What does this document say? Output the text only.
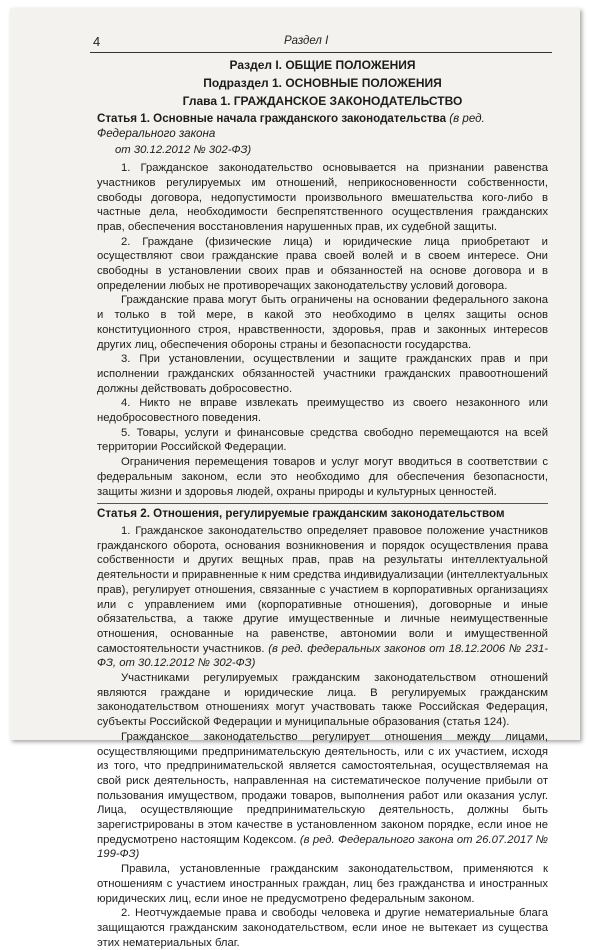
4	Раздел I
Раздел I. ОБЩИЕ ПОЛОЖЕНИЯ
Подраздел 1. ОСНОВНЫЕ ПОЛОЖЕНИЯ
Глава 1. ГРАЖДАНСКОЕ ЗАКОНОДАТЕЛЬСТВО
Статья 1. Основные начала гражданского законодательства (в ред. Федерального закона
от 30.12.2012 № 302-ФЗ)

1. Гражданское законодательство основывается на признании равенства участников регулируемых им отношений, неприкосновенности собственности, свободы договора, недопустимости произвольного вмешательства кого-либо в частные дела, необходимости беспрепятственного осуществления гражданских прав, обеспечения восстановления нарушенных прав, их судебной защиты.

2. Граждане (физические лица) и юридические лица приобретают и осуществляют свои гражданские права своей волей и в своем интересе. Они свободны в установлении своих прав и обязанностей на основе договора и в определении любых не противоречащих законодательству условий договора.

Гражданские права могут быть ограничены на основании федерального закона и только в той мере, в какой это необходимо в целях защиты основ конституционного строя, нравственности, здоровья, прав и законных интересов других лиц, обеспечения обороны страны и безопасности государства.

3. При установлении, осуществлении и защите гражданских прав и при исполнении гражданских обязанностей участники гражданских правоотношений должны действовать добросовестно.

4. Никто не вправе извлекать преимущество из своего незаконного или недобросовестного поведения.

5. Товары, услуги и финансовые средства свободно перемещаются на всей территории Российской Федерации.

Ограничения перемещения товаров и услуг могут вводиться в соответствии с федеральным законом, если это необходимо для обеспечения безопасности, защиты жизни и здоровья людей, охраны природы и культурных ценностей.

Статья 2. Отношения, регулируемые гражданским законодательством

1. Гражданское законодательство определяет правовое положение участников гражданского оборота, основания возникновения и порядок осуществления права собственности и других вещных прав, прав на результаты интеллектуальной деятельности и приравненные к ним средства индивидуализации (интеллектуальных прав), регулирует отношения, связанные с участием в корпоративных организациях или с управлением ими (корпоративные отношения), договорные и иные обязательства, а также другие имущественные и личные неимущественные отношения, основанные на равенстве, автономии воли и имущественной самостоятельности участников. (в ред. федеральных законов от 18.12.2006 № 231-ФЗ, от 30.12.2012 № 302-ФЗ)

Участниками регулируемых гражданским законодательством отношений являются граждане и юридические лица. В регулируемых гражданским законодательством отношениях могут участвовать также Российская Федерация, субъекты Российской Федерации и муниципальные образования (статья 124).

Гражданское законодательство регулирует отношения между лицами, осуществляющими предпринимательскую деятельность, или с их участием, исходя из того, что предпринимательской является самостоятельная, осуществляемая на свой риск деятельность, направленная на систематическое получение прибыли от пользования имуществом, продажи товаров, выполнения работ или оказания услуг. Лица, осуществляющие предпринимательскую деятельность, должны быть зарегистрированы в этом качестве в установленном законом порядке, если иное не предусмотрено настоящим Кодексом. (в ред. Федерального закона от 26.07.2017 № 199-ФЗ)

Правила, установленные гражданским законодательством, применяются к отношениям с участием иностранных граждан, лиц без гражданства и иностранных юридических лиц, если иное не предусмотрено федеральным законом.

2. Неотчуждаемые права и свободы человека и другие нематериальные блага защищаются гражданским законодательством, если иное не вытекает из существа этих нематериальных благ.
